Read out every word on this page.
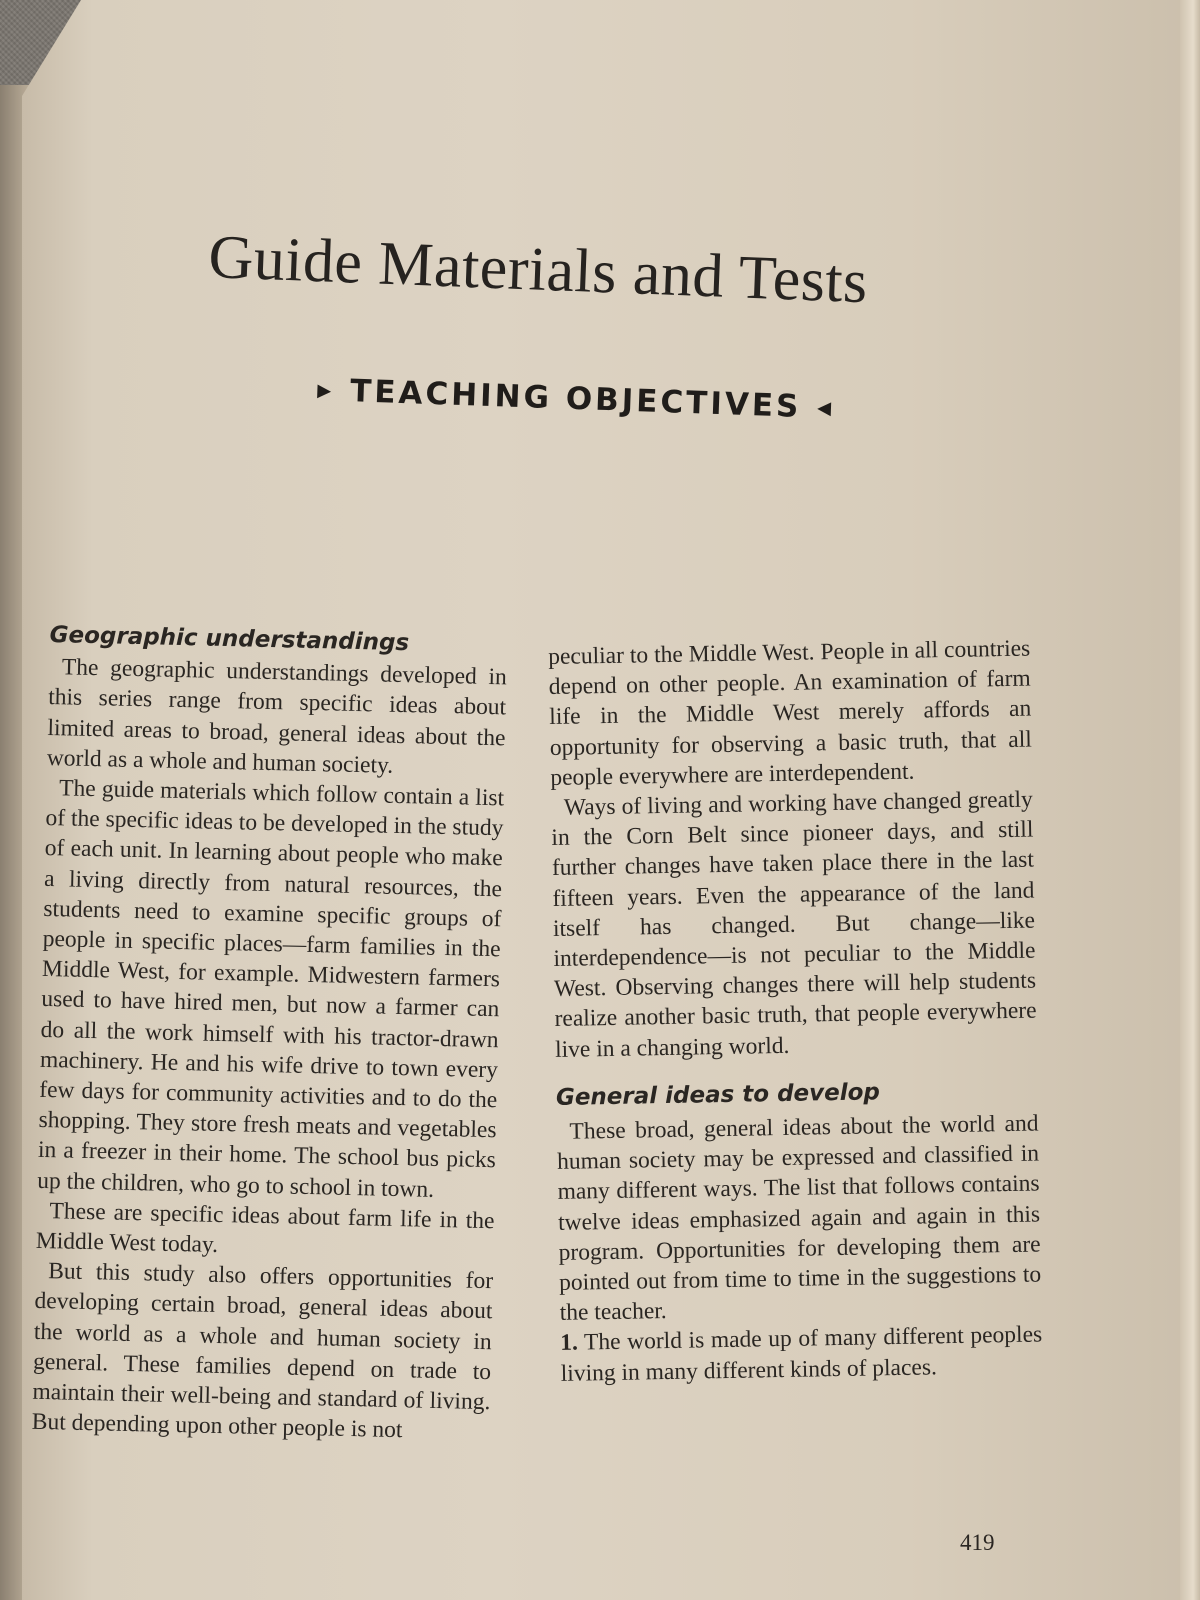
Guide Materials and Tests
▶ TEACHING OBJECTIVES ◀

Geographic understandings

The geographic understandings developed in this series range from specific ideas about limited areas to broad, general ideas about the world as a whole and human society.

The guide materials which follow contain a list of the specific ideas to be developed in the study of each unit. In learning about people who make a living directly from natural resources, the students need to examine specific groups of people in specific places—farm families in the Middle West, for example. Midwestern farmers used to have hired men, but now a farmer can do all the work himself with his tractor-drawn machinery. He and his wife drive to town every few days for community activities and to do the shopping. They store fresh meats and vegetables in a freezer in their home. The school bus picks up the children, who go to school in town.

These are specific ideas about farm life in the Middle West today.

But this study also offers opportunities for developing certain broad, general ideas about the world as a whole and human society in general. These families depend on trade to maintain their well-being and standard of living. But depending upon other people is not

peculiar to the Middle West. People in all countries depend on other people. An examination of farm life in the Middle West merely affords an opportunity for observing a basic truth, that all people everywhere are interdependent.

Ways of living and working have changed greatly in the Corn Belt since pioneer days, and still further changes have taken place there in the last fifteen years. Even the appearance of the land itself has changed. But change—like interdependence—is not peculiar to the Middle West. Observing changes there will help students realize another basic truth, that people everywhere live in a changing world.

General ideas to develop

These broad, general ideas about the world and human society may be expressed and classified in many different ways. The list that follows contains twelve ideas emphasized again and again in this program. Opportunities for developing them are pointed out from time to time in the suggestions to the teacher.

1. The world is made up of many different peoples living in many different kinds of places.

419
